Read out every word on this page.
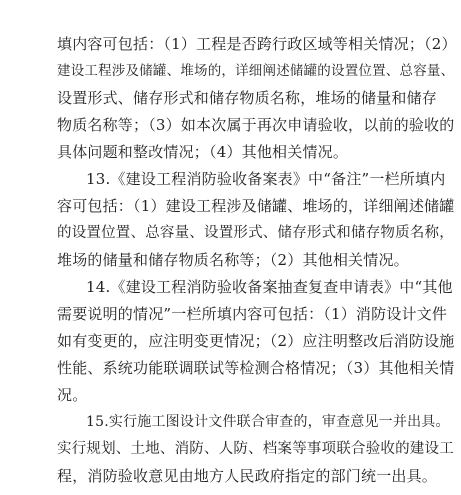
填内容可包括：（1）工程是否跨行政区域等相关情况；（2）
建设工程涉及储罐、堆场的，详细阐述储罐的设置位置、总容量、
设置形式、储存形式和储存物质名称，堆场的储量和储存
物质名称等；（3）如本次属于再次申请验收，以前的验收的
具体问题和整改情况；（4）其他相关情况。
13.《建设工程消防验收备案表》中“备注”一栏所填内
容可包括：（1）建设工程涉及储罐、堆场的，详细阐述储罐
的设置位置、总容量、设置形式、储存形式和储存物质名称，
堆场的储量和储存物质名称等；（2）其他相关情况。
14.《建设工程消防验收备案抽查复查申请表》中“其他
需要说明的情况”一栏所填内容可包括：（1）消防设计文件
如有变更的，应注明变更情况；（2）应注明整改后消防设施
性能、系统功能联调联试等检测合格情况；（3）其他相关情
况。
15.实行施工图设计文件联合审查的，审查意见一并出具。
实行规划、土地、消防、人防、档案等事项联合验收的建设工
程，消防验收意见由地方人民政府指定的部门统一出具。
